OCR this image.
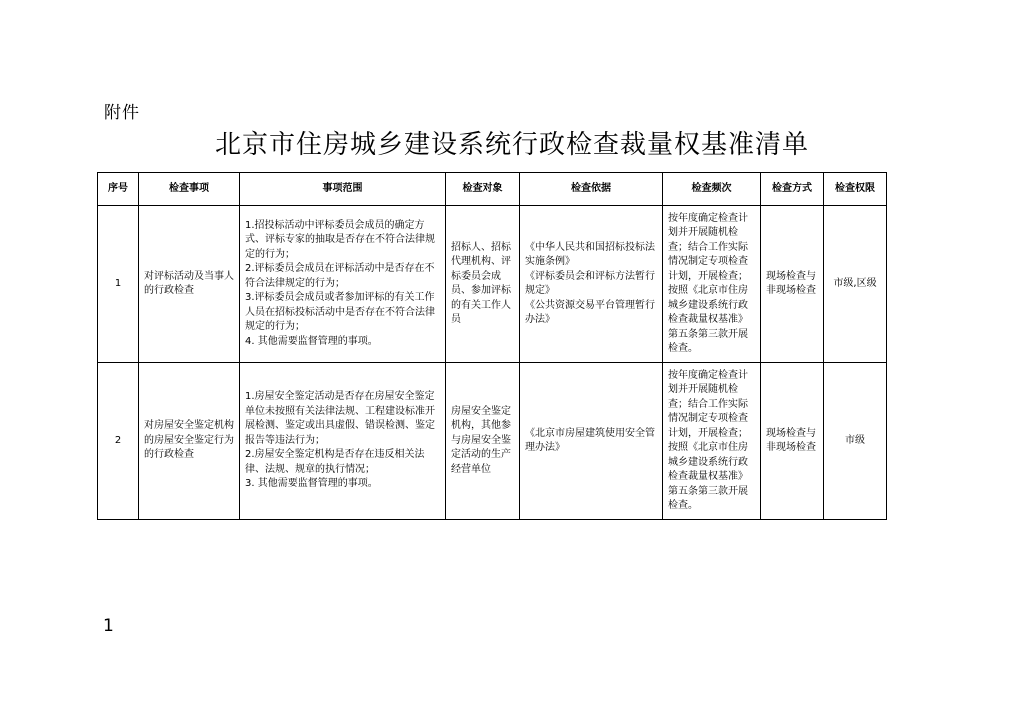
附件
北京市住房城乡建设系统行政检查裁量权基准清单
序号	检查事项	事项范围	检查对象	检查依据	检查频次	检查方式	检查权限
1	对评标活动及当事人的行政检查	1.招投标活动中评标委员会成员的确定方式、评标专家的抽取是否存在不符合法律规定的行为；
2.评标委员会成员在评标活动中是否存在不符合法律规定的行为；
3.评标委员会成员或者参加评标的有关工作人员在招标投标活动中是否存在不符合法律规定的行为；
4. 其他需要监督管理的事项。	招标人、招标代理机构、评标委员会成员、参加评标的有关工作人员	《中华人民共和国招标投标法实施条例》
《评标委员会和评标方法暂行规定》
《公共资源交易平台管理暂行办法》	按年度确定检查计划并开展随机检查；结合工作实际情况制定专项检查计划，开展检查；按照《北京市住房城乡建设系统行政检查裁量权基准》第五条第三款开展检查。	现场检查与非现场检查	市级,区级
2	对房屋安全鉴定机构的房屋安全鉴定行为的行政检查	1.房屋安全鉴定活动是否存在房屋安全鉴定单位未按照有关法律法规、工程建设标准开展检测、鉴定或出具虚假、错误检测、鉴定报告等违法行为；
2.房屋安全鉴定机构是否存在违反相关法律、法规、规章的执行情况；
3. 其他需要监督管理的事项。	房屋安全鉴定机构，其他参与房屋安全鉴定活动的生产经营单位	《北京市房屋建筑使用安全管理办法》	按年度确定检查计划并开展随机检查；结合工作实际情况制定专项检查计划，开展检查；按照《北京市住房城乡建设系统行政检查裁量权基准》第五条第三款开展检查。	现场检查与非现场检查	市级
1
